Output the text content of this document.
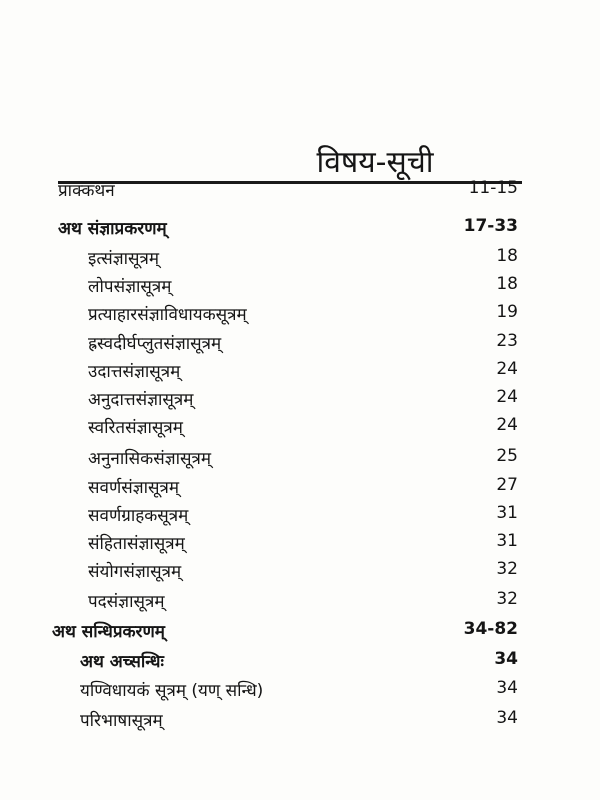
विषय-सूची
प्राक्कथन	11-15
अथ संज्ञाप्रकरणम्	17-33
इत्संज्ञासूत्रम्	18
लोपसंज्ञासूत्रम्	18
प्रत्याहारसंज्ञाविधायकसूत्रम्	19
ह्रस्वदीर्घप्लुतसंज्ञासूत्रम्	23
उदात्तसंज्ञासूत्रम्	24
अनुदात्तसंज्ञासूत्रम्	24
स्वरितसंज्ञासूत्रम्	24
अनुनासिकसंज्ञासूत्रम्	25
सवर्णसंज्ञासूत्रम्	27
सवर्णग्राहकसूत्रम्	31
संहितासंज्ञासूत्रम्	31
संयोगसंज्ञासूत्रम्	32
पदसंज्ञासूत्रम्	32
अथ सन्धिप्रकरणम्	34-82
अथ अच्सन्धिः	34
यण्विधायकं सूत्रम् (यण् सन्धि)	34
परिभाषासूत्रम्	34
